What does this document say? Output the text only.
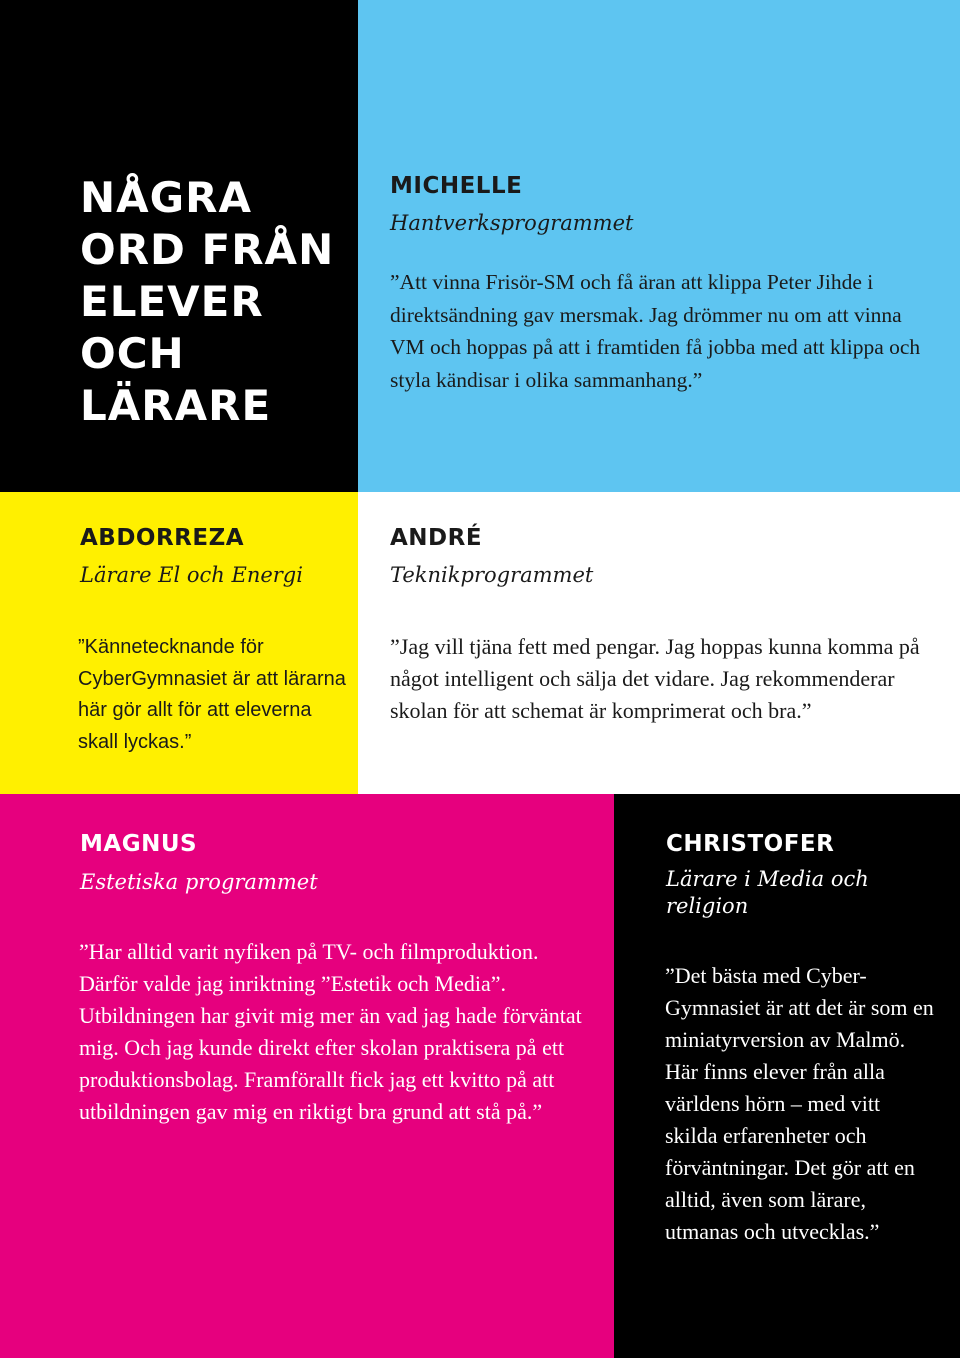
NÅGRA
ORD FRÅN
ELEVER
OCH
LÄRARE
MICHELLE

Hantverksprogrammet

”Att vinna Frisör-SM och få äran att klippa Peter Jihde i direktsändning gav mersmak. Jag drömmer nu om att vinna VM och hoppas på att i framtiden få jobba med att klippa och styla kändisar i olika sammanhang.”

ABDORREZA

Lärare El och Energi

”Kännetecknande för CyberGymnasiet är att lärarna här gör allt för att eleverna skall lyckas.”

ANDRÉ

Teknikprogrammet

”Jag vill tjäna fett med pengar. Jag hoppas kunna komma på något intelligent och sälja det vidare. Jag rekommenderar skolan för att schemat är komprimerat och bra.”

MAGNUS

Estetiska programmet

”Har alltid varit nyfiken på TV- och filmproduktion. Därför valde jag inriktning ”Estetik och Media”. Utbildningen har givit mig mer än vad jag hade förväntat mig. Och jag kunde direkt efter skolan praktisera på ett produktionsbolag. Framförallt fick jag ett kvitto på att utbildningen gav mig en riktigt bra grund att stå på.”

CHRISTOFER

Lärare i Media och religion

”Det bästa med Cyber-Gymnasiet är att det är som en miniatyrversion av Malmö. Här finns elever från alla världens hörn – med vitt skilda erfarenheter och förväntningar. Det gör att en alltid, även som lärare, utmanas och utvecklas.”
